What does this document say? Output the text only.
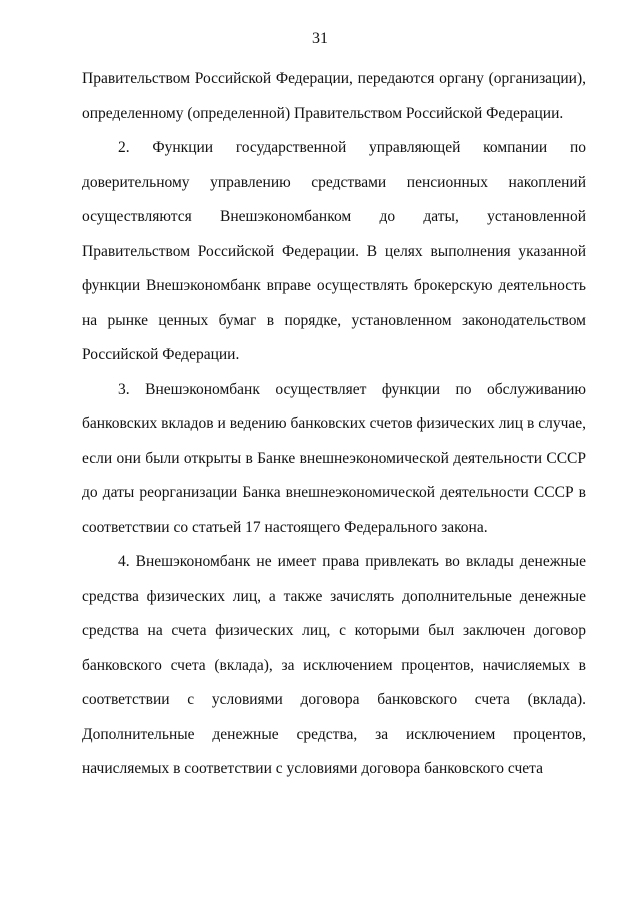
31

Правительством Российской Федерации, передаются органу (организации), определенному (определенной) Правительством Российской Федерации.

2. Функции государственной управляющей компании по доверительному управлению средствами пенсионных накоплений осуществляются Внешэкономбанком до даты, установленной Правительством Российской Федерации. В целях выполнения указанной функции Внешэкономбанк вправе осуществлять брокерскую деятельность на рынке ценных бумаг в порядке, установленном законодательством Российской Федерации.

3. Внешэкономбанк осуществляет функции по обслуживанию банковских вкладов и ведению банковских счетов физических лиц в случае, если они были открыты в Банке внешнеэкономической деятельности СССР до даты реорганизации Банка внешнеэкономической деятельности СССР в соответствии со статьей 17 настоящего Федерального закона.

4. Внешэкономбанк не имеет права привлекать во вклады денежные средства физических лиц, а также зачислять дополнительные денежные средства на счета физических лиц, с которыми был заключен договор банковского счета (вклада), за исключением процентов, начисляемых в соответствии с условиями договора банковского счета (вклада). Дополнительные денежные средства, за исключением процентов, начисляемых в соответствии с условиями договора банковского счета
